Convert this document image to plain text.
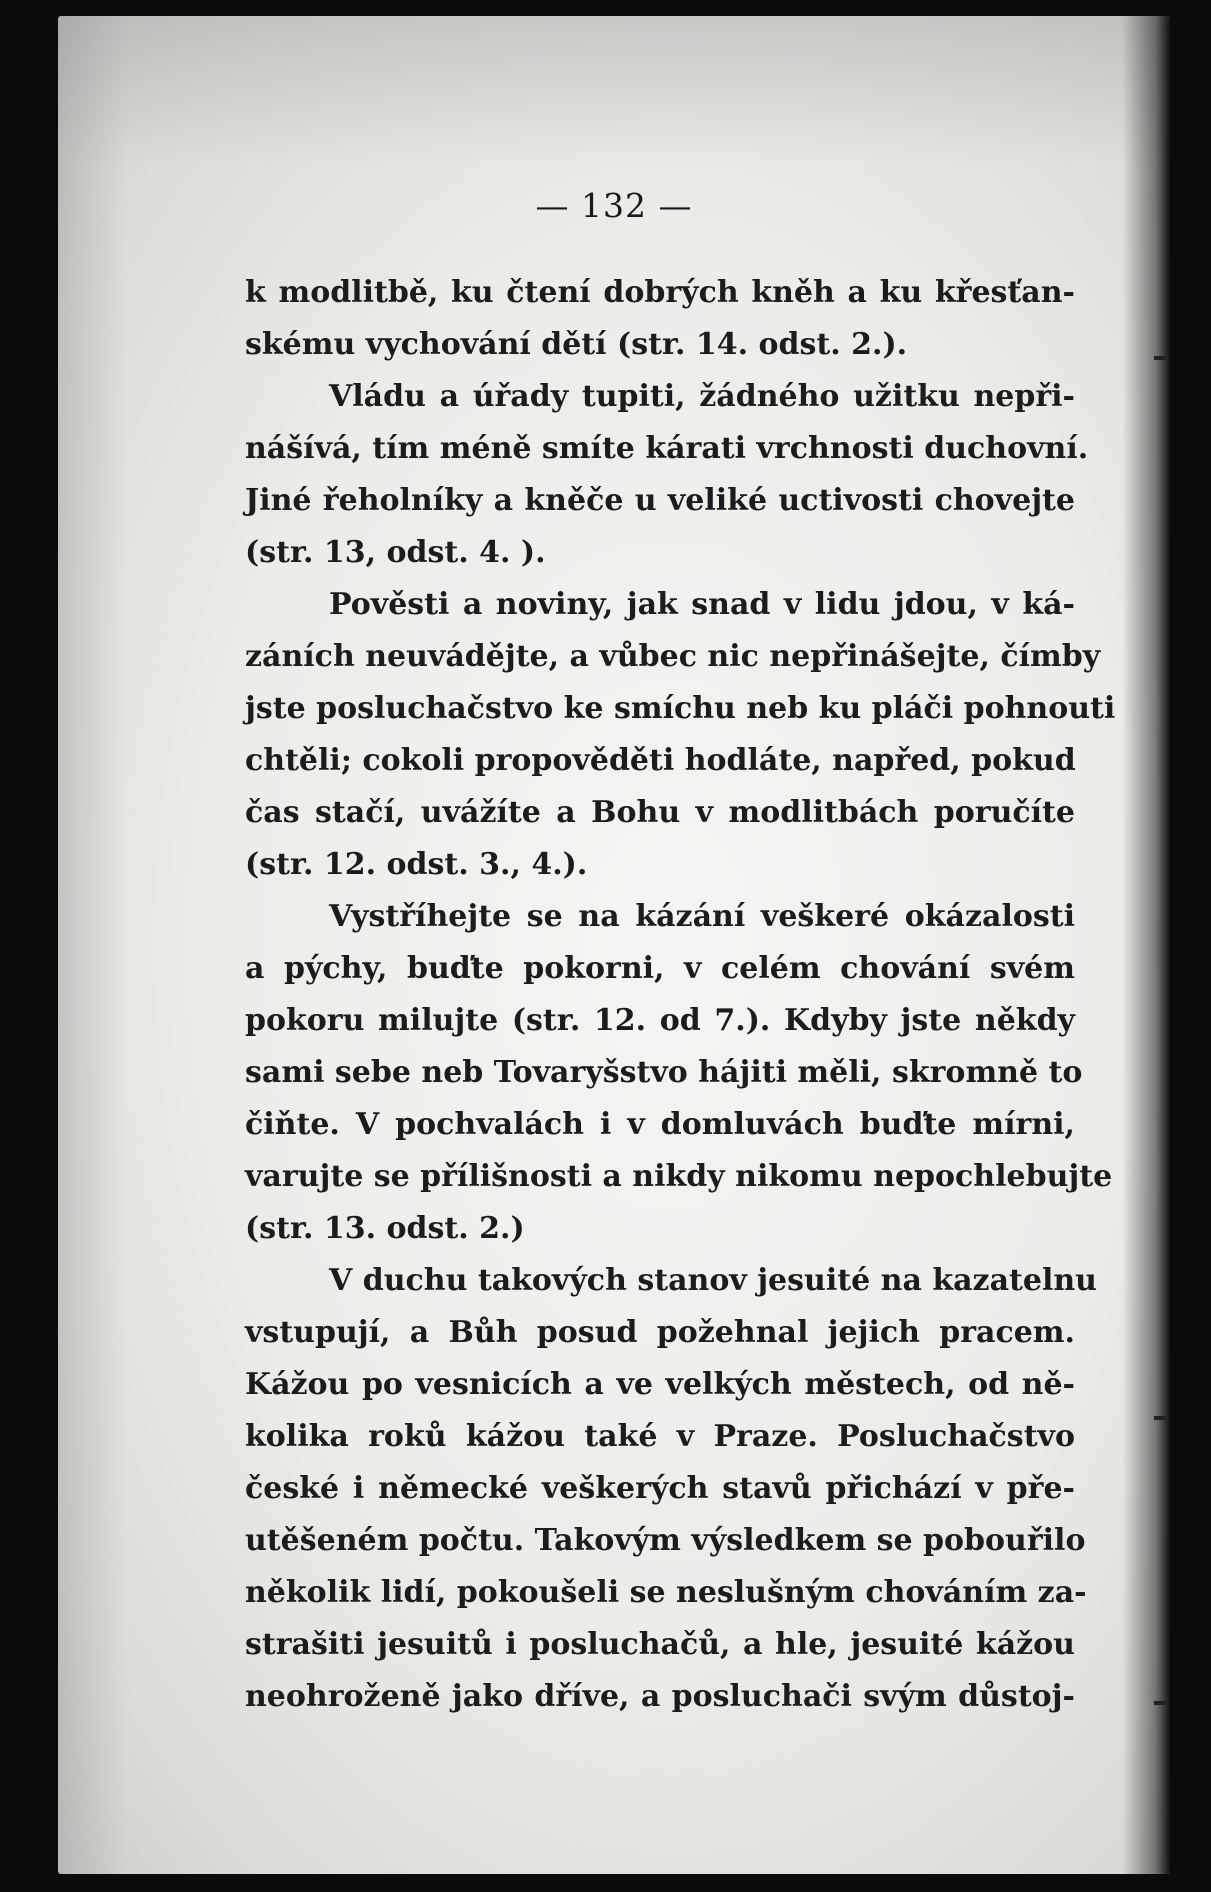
— 132 —
k modlitbě, ku čtení dobrých kněh a ku křesťan-
skému vychování dětí (str. 14. odst. 2.).
Vládu a úřady tupiti, žádného užitku nepři-
nášívá, tím méně smíte kárati vrchnosti duchovní.
Jiné řeholníky a kněče u veliké uctivosti chovejte
(str. 13, odst. 4. ).
Pověsti a noviny, jak snad v lidu jdou, v ká-
záních neuváděјte, a vůbec nic nepřinášejte, čímby
jste posluchačstvo ke smíchu neb ku pláči pohnouti
chtěli; cokoli propověděti hodláte, napřed, pokud
čas stačí, uvážíte a Bohu v modlitbách poručíte
(str. 12. odst. 3., 4.).
Vystříhejte se na kázání veškeré okázalosti
a pýchy, buďte pokorni, v celém chování svém
pokoru milujte (str. 12. od 7.). Kdyby jste někdy
sami sebe neb Tovaryšstvo hájiti měli, skromně to
čiňte. V pochvalách i v domluvách buďte mírni,
varujte se přílišnosti a nikdy nikomu nepochlebujte
(str. 13. odst. 2.)
V duchu takových stanov jesuité na kazatelnu
vstupují, a Bůh posud požehnal jejich pracem.
Kážou po vesnicích a ve velkých městech, od ně-
kolika roků kážou také v Praze. Posluchačstvo
české i německé veškerých stavů přichází v pře-
utěšeném počtu. Takovým výsledkem se pobouřilo
několik lidí, pokoušeli se neslušným chováním za-
strašiti jesuitů i posluchačů, a hle, jesuité kážou
neohroženě jako dříve, a posluchači svým důstoj-
